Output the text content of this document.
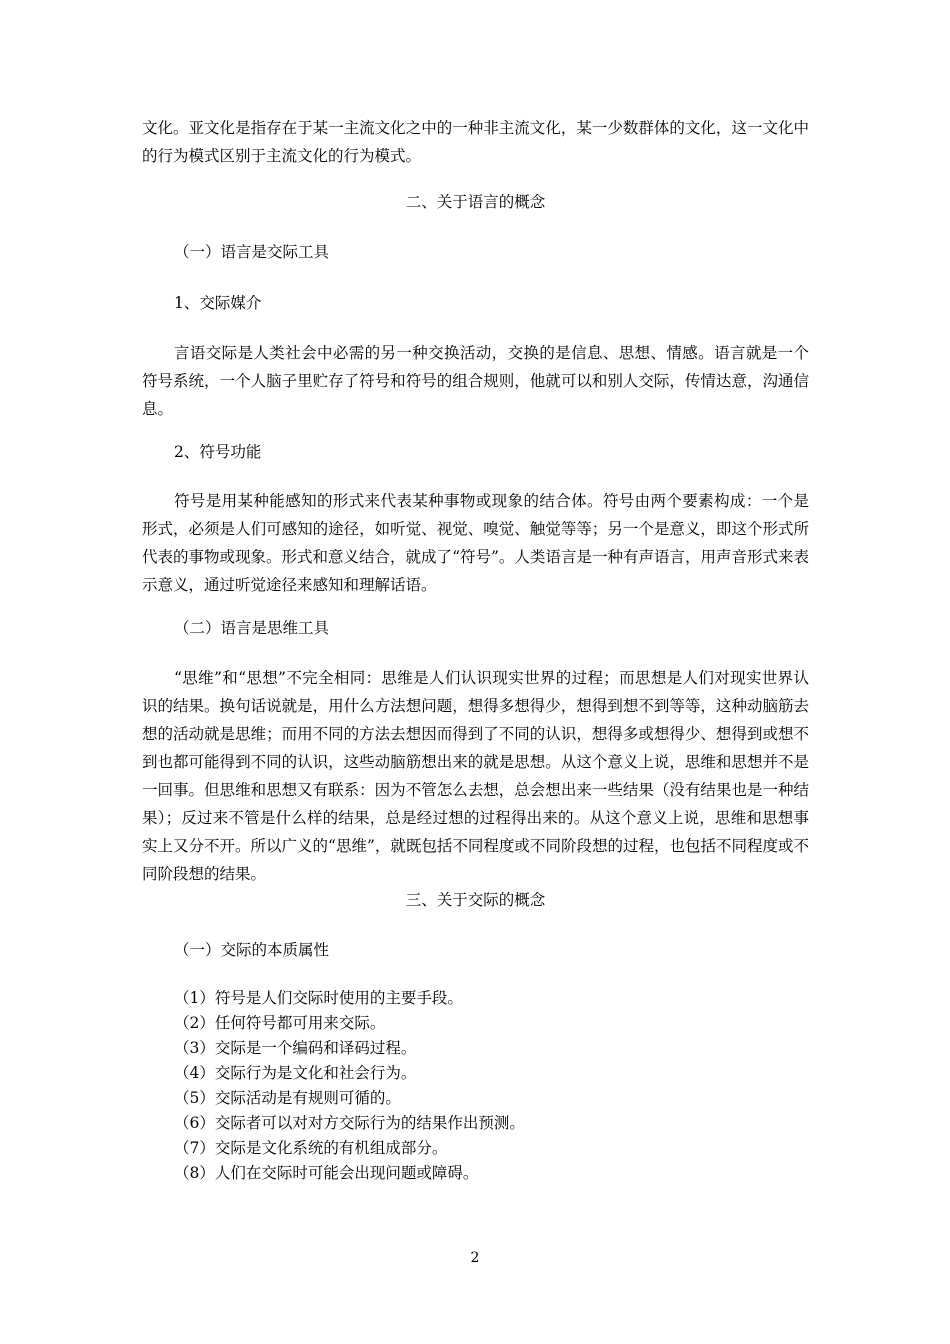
文化。亚文化是指存在于某一主流文化之中的一种非主流文化，某一少数群体的文化，这一文化中的行为模式区别于主流文化的行为模式。

二、关于语言的概念

（一）语言是交际工具

1、交际媒介

言语交际是人类社会中必需的另一种交换活动，交换的是信息、思想、情感。语言就是一个符号系统，一个人脑子里贮存了符号和符号的组合规则，他就可以和别人交际，传情达意，沟通信息。

2、符号功能

符号是用某种能感知的形式来代表某种事物或现象的结合体。符号由两个要素构成：一个是形式，必须是人们可感知的途径，如听觉、视觉、嗅觉、触觉等等；另一个是意义，即这个形式所代表的事物或现象。形式和意义结合，就成了“符号”。人类语言是一种有声语言，用声音形式来表示意义，通过听觉途径来感知和理解话语。

（二）语言是思维工具

“思维”和“思想”不完全相同：思维是人们认识现实世界的过程；而思想是人们对现实世界认识的结果。换句话说就是，用什么方法想问题，想得多想得少，想得到想不到等等，这种动脑筋去想的活动就是思维；而用不同的方法去想因而得到了不同的认识，想得多或想得少、想得到或想不到也都可能得到不同的认识，这些动脑筋想出来的就是思想。从这个意义上说，思维和思想并不是一回事。但思维和思想又有联系：因为不管怎么去想，总会想出来一些结果（没有结果也是一种结果）；反过来不管是什么样的结果，总是经过想的过程得出来的。从这个意义上说，思维和思想事实上又分不开。所以广义的“思维”，就既包括不同程度或不同阶段想的过程，也包括不同程度或不同阶段想的结果。

三、关于交际的概念

（一）交际的本质属性

（1）符号是人们交际时使用的主要手段。
（2）任何符号都可用来交际。
（3）交际是一个编码和译码过程。
（4）交际行为是文化和社会行为。
（5）交际活动是有规则可循的。
（6）交际者可以对对方交际行为的结果作出预测。
（7）交际是文化系统的有机组成部分。
（8）人们在交际时可能会出现问题或障碍。
2
